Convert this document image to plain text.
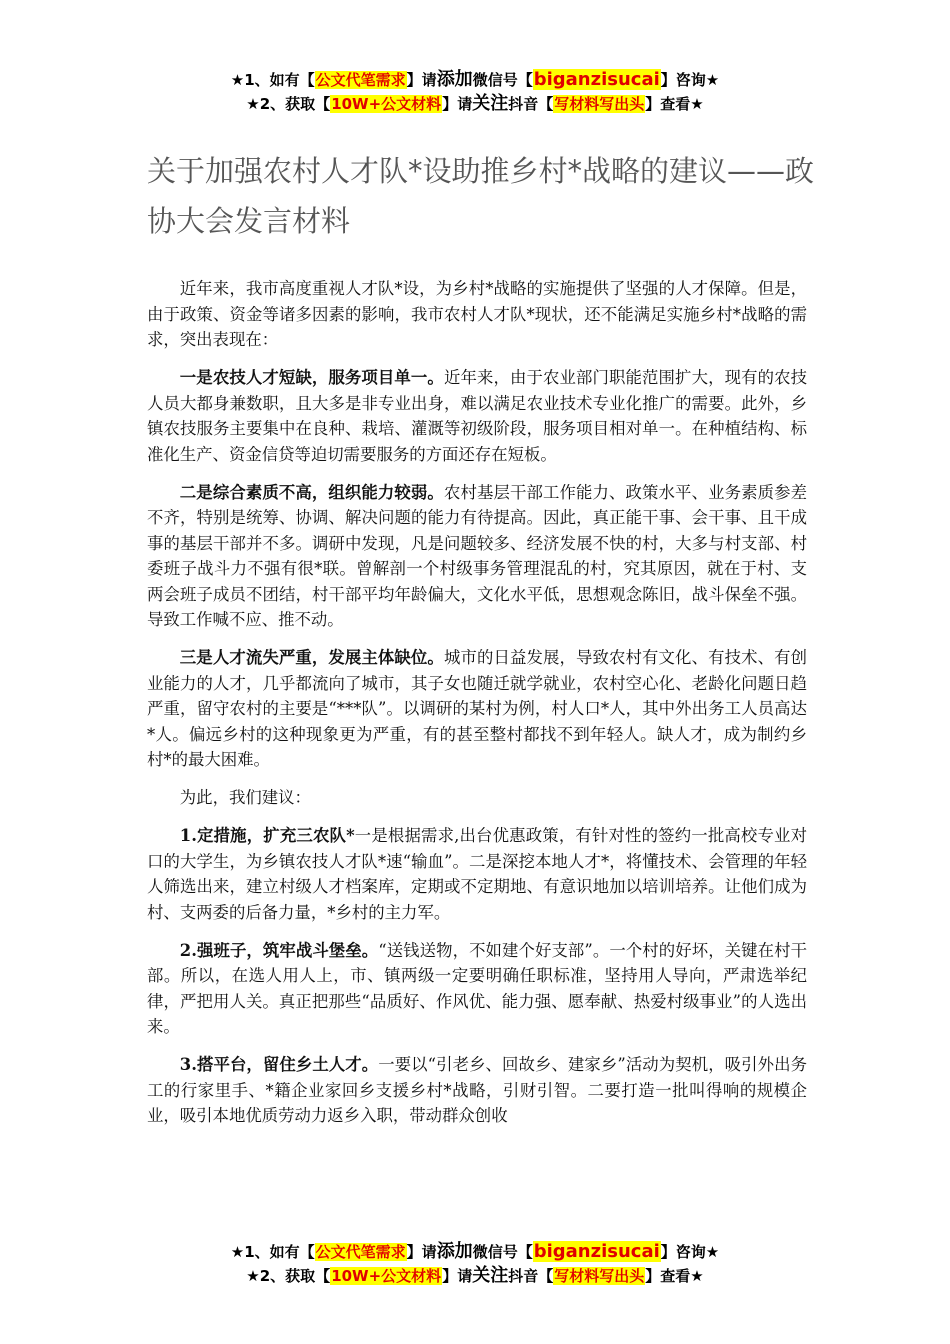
★1、如有【公文代笔需求】请添加微信号【biganzisucai】咨询★
★2、获取【10W+公文材料】请关注抖音【写材料写出头】查看★
关于加强农村人才队*设助推乡村*战略的建议——政协大会发言材料

近年来，我市高度重视人才队*设，为乡村*战略的实施提供了坚强的人才保障。但是，由于政策、资金等诸多因素的影响，我市农村人才队*现状，还不能满足实施乡村*战略的需求，突出表现在：

一是农技人才短缺，服务项目单一。近年来，由于农业部门职能范围扩大，现有的农技人员大都身兼数职，且大多是非专业出身，难以满足农业技术专业化推广的需要。此外，乡镇农技服务主要集中在良种、栽培、灌溉等初级阶段，服务项目相对单一。在种植结构、标准化生产、资金信贷等迫切需要服务的方面还存在短板。

二是综合素质不高，组织能力较弱。农村基层干部工作能力、政策水平、业务素质参差不齐，特别是统筹、协调、解决问题的能力有待提高。因此，真正能干事、会干事、且干成事的基层干部并不多。调研中发现，凡是问题较多、经济发展不快的村，大多与村支部、村委班子战斗力不强有很*联。曾解剖一个村级事务管理混乱的村，究其原因，就在于村、支两会班子成员不团结，村干部平均年龄偏大，文化水平低，思想观念陈旧，战斗保垒不强。导致工作喊不应、推不动。

三是人才流失严重，发展主体缺位。城市的日益发展，导致农村有文化、有技术、有创业能力的人才，几乎都流向了城市，其子女也随迁就学就业，农村空心化、老龄化问题日趋严重，留守农村的主要是“***队”。以调研的某村为例，村人口*人，其中外出务工人员高达*人。偏远乡村的这种现象更为严重，有的甚至整村都找不到年轻人。缺人才，成为制约乡村*的最大困难。

为此，我们建议：

1.定措施，扩充三农队*一是根据需求,出台优惠政策，有针对性的签约一批高校专业对口的大学生，为乡镇农技人才队*速“输血”。二是深挖本地人才*，将懂技术、会管理的年轻人筛选出来，建立村级人才档案库，定期或不定期地、有意识地加以培训培养。让他们成为村、支两委的后备力量，*乡村的主力军。

2.强班子，筑牢战斗堡垒。“送钱送物，不如建个好支部”。一个村的好坏，关键在村干部。所以，在选人用人上，市、镇两级一定要明确任职标准，坚持用人导向，严肃选举纪律，严把用人关。真正把那些“品质好、作风优、能力强、愿奉献、热爱村级事业”的人选出来。

3.搭平台，留住乡土人才。一要以“引老乡、回故乡、建家乡”活动为契机，吸引外出务工的行家里手、*籍企业家回乡支援乡村*战略，引财引智。二要打造一批叫得响的规模企业，吸引本地优质劳动力返乡入职，带动群众创收

★1、如有【公文代笔需求】请添加微信号【biganzisucai】咨询★
★2、获取【10W+公文材料】请关注抖音【写材料写出头】查看★
